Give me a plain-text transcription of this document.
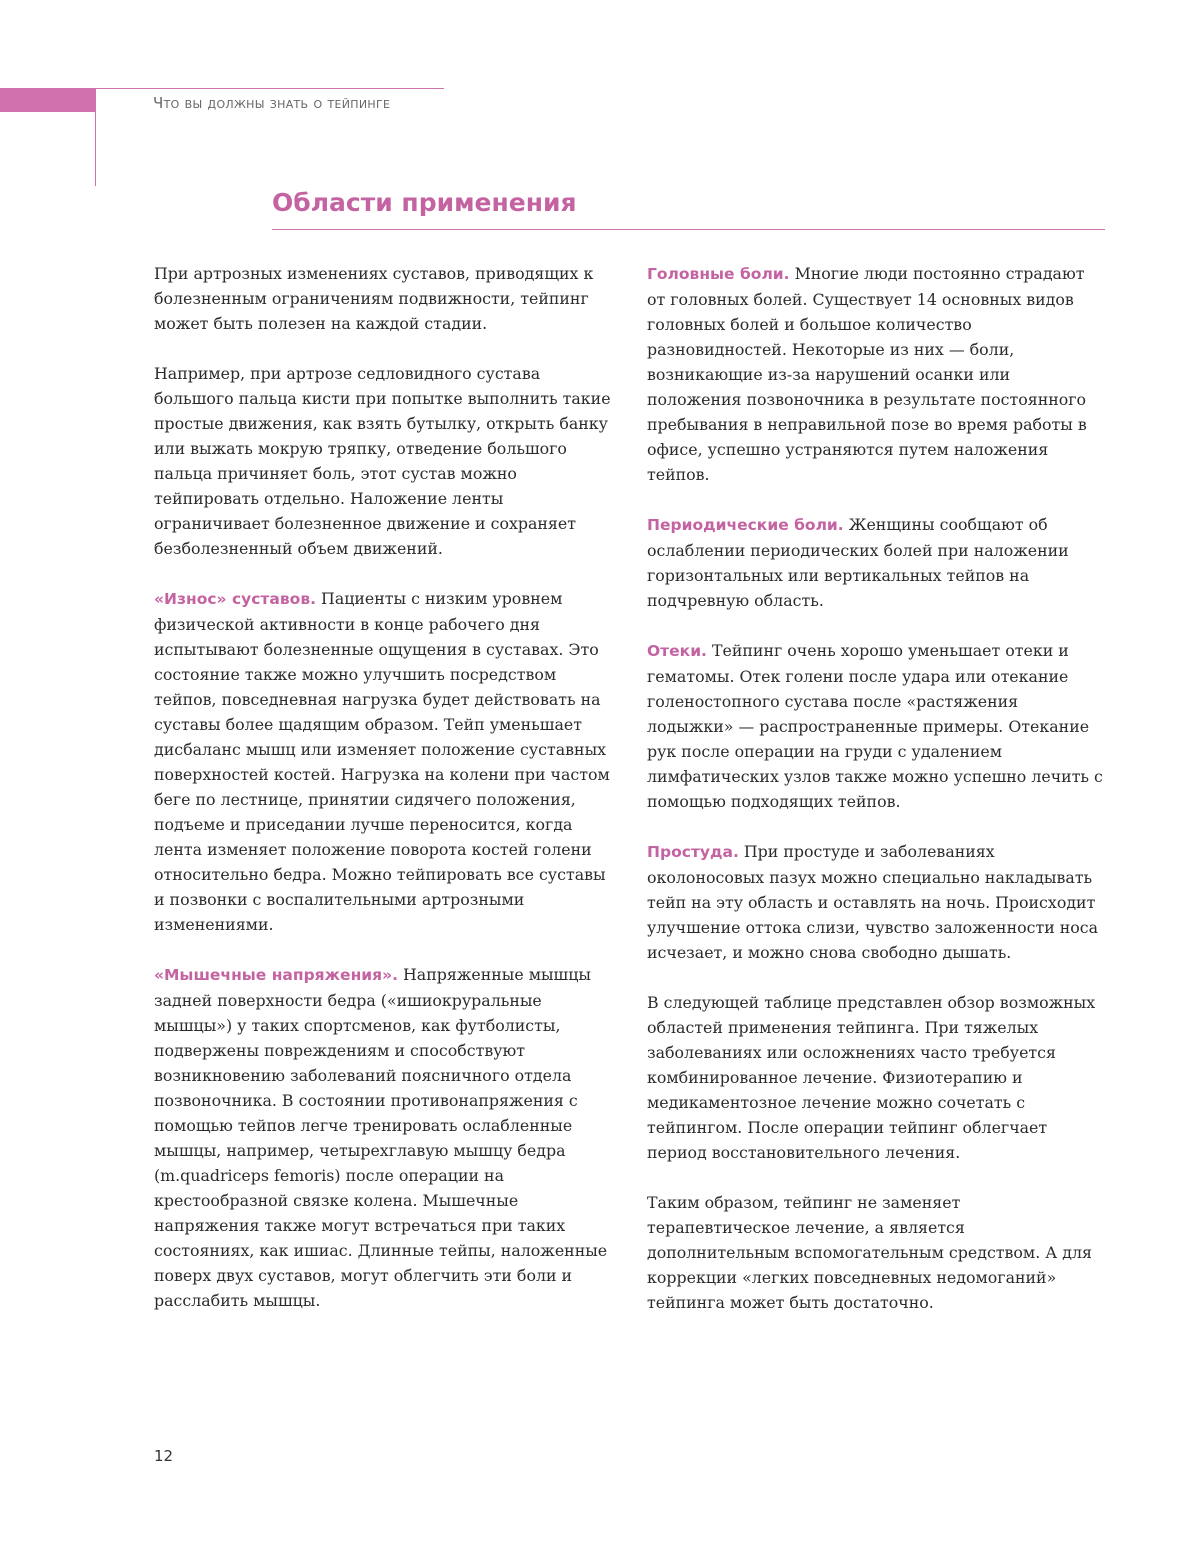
Что вы должны знать о тейпинге
Области применения

При артрозных изменениях суставов, приводящих к болезненным ограничениям подвижности, тейпинг может быть полезен на каждой стадии.

Например, при артрозе седловидного сустава большого пальца кисти при попытке выполнить такие простые движения, как взять бутылку, открыть банку или выжать мокрую тряпку, отведение большого пальца причиняет боль, этот сустав можно тейпировать отдельно. Наложение ленты ограничивает болезненное движение и сохраняет безболезненный объем движений.

«Износ» суставов. Пациенты с низким уровнем физической активности в конце рабочего дня испытывают болезненные ощущения в суставах. Это состояние также можно улучшить посредством тейпов, повседневная нагрузка будет действовать на суставы более щадящим образом. Тейп уменьшает дисбаланс мышц или изменяет положение суставных поверхностей костей. Нагрузка на колени при частом беге по лестнице, принятии сидячего положения, подъеме и приседании лучше переносится, когда лента изменяет положение поворота костей голени относительно бедра. Можно тейпировать все суставы и позвонки с воспалительными артрозными изменениями.

«Мышечные напряжения». Напряженные мышцы задней поверхности бедра («ишиокруральные мышцы») у таких спортсменов, как футболисты, подвержены повреждениям и способствуют возникновению заболеваний поясничного отдела позвоночника. В состоянии противонапряжения с помощью тейпов легче тренировать ослабленные мышцы, например, четырехглавую мышцу бедра (m.quadriceps femoris) после операции на крестообразной связке колена. Мышечные напряжения также могут встречаться при таких состояниях, как ишиас. Длинные тейпы, наложенные поверх двух суставов, могут облегчить эти боли и расслабить мышцы.

Головные боли. Многие люди постоянно страдают от головных болей. Существует 14 основных видов головных болей и большое количество разновидностей. Некоторые из них — боли, возникающие из-за нарушений осанки или положения позвоночника в результате постоянного пребывания в неправильной позе во время работы в офисе, успешно устраняются путем наложения тейпов.

Периодические боли. Женщины сообщают об ослаблении периодических болей при наложении горизонтальных или вертикальных тейпов на подчревную область.

Отеки. Тейпинг очень хорошо уменьшает отеки и гематомы. Отек голени после удара или отекание голеностопного сустава после «растяжения лодыжки» — распространенные примеры. Отекание рук после операции на груди с удалением лимфатических узлов также можно успешно лечить с помощью подходящих тейпов.

Простуда. При простуде и заболеваниях околоносовых пазух можно специально накладывать тейп на эту область и оставлять на ночь. Происходит улучшение оттока слизи, чувство заложенности носа исчезает, и можно снова свободно дышать.

В следующей таблице представлен обзор возможных областей применения тейпинга. При тяжелых заболеваниях или осложнениях часто требуется комбинированное лечение. Физиотерапию и медикаментозное лечение можно сочетать с тейпингом. После операции тейпинг облегчает период восстановительного лечения.

Таким образом, тейпинг не заменяет терапевтическое лечение, а является дополнительным вспомогательным средством. А для коррекции «легких повседневных недомоганий» тейпинга может быть достаточно.

12
